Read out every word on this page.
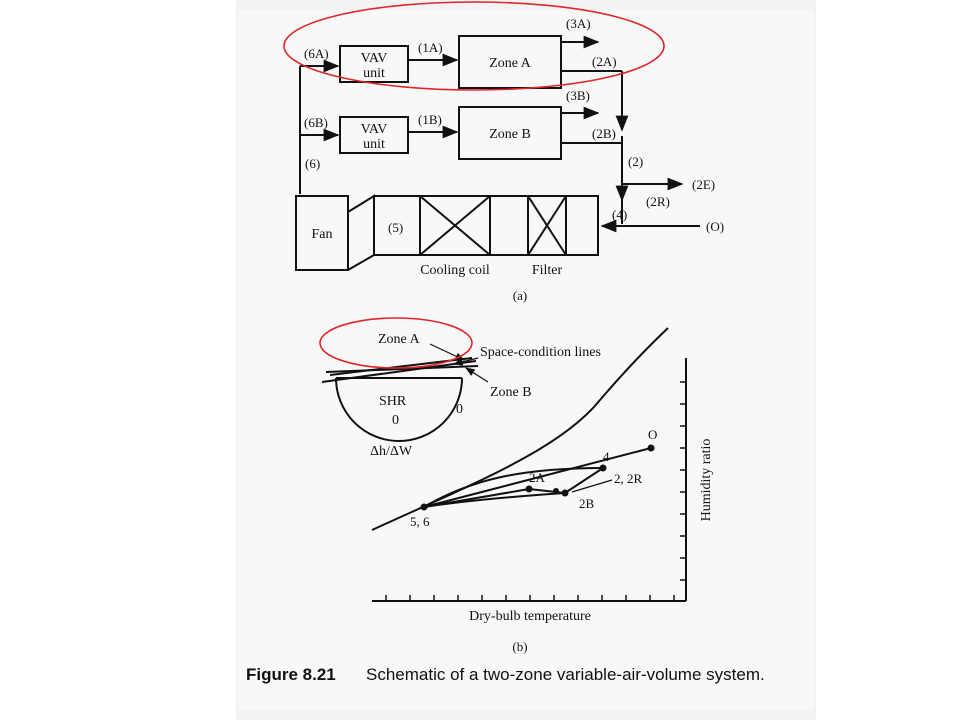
VAV
unit
VAV
unit
Zone A
Zone B
Fan
Cooling coil	Filter
(6A)	(1A)
(3A)
(2A)
(6B)	(1B)
(3B)
(2B)
(6)	(2)
(2E)
(2R)
(4)
(O)
(5)
(a)
Zone A
Space-condition lines
Zone B
SHR
0
0
Δh/ΔW
5, 6
2A
2B
4
2, 2R
O
Dry-bulb temperature
Humidity ratio
(b)
Figure 8.21 Schematic of a two-zone variable-air-volume system.
